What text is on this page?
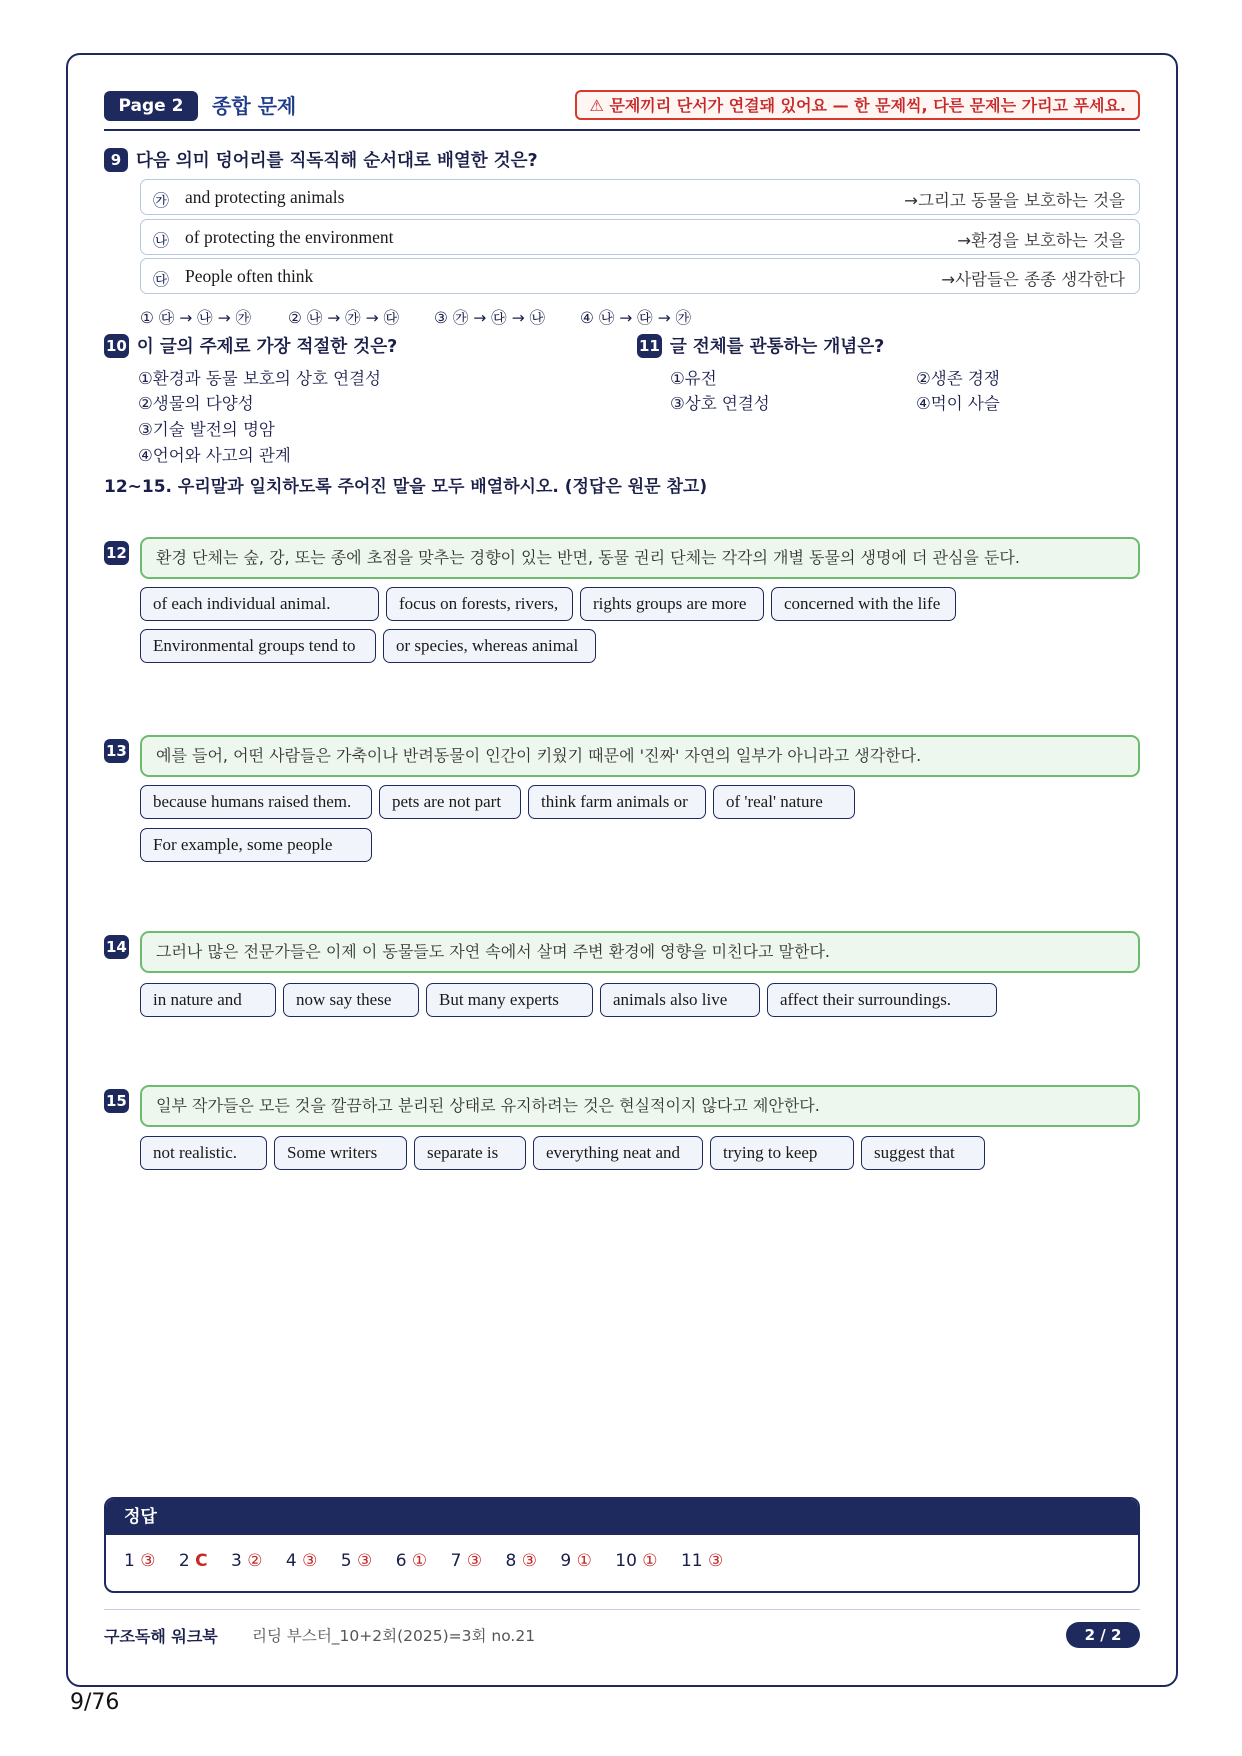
Page 2	종합 문제	⚠ 문제끼리 단서가 연결돼 있어요 — 한 문제씩, 다른 문제는 가리고 푸세요.
9 다음 의미 덩어리를 직독직해 순서대로 배열한 것은?
㉮ and protecting animals	→그리고 동물을 보호하는 것을
㉯ of protecting the environment	→환경을 보호하는 것을
㉰ People often think	→사람들은 종종 생각한다
① ㉰ → ㉯ → ㉮ ② ㉯ → ㉮ → ㉰ ③ ㉮ → ㉰ → ㉯ ④ ㉯ → ㉰ → ㉮
10 이 글의 주제로 가장 적절한 것은?
①환경과 동물 보호의 상호 연결성
②생물의 다양성
③기술 발전의 명암
④언어와 사고의 관계
11 글 전체를 관통하는 개념은?
①유전	②생존 경쟁
③상호 연결성	④먹이 사슬
12~15. 우리말과 일치하도록 주어진 말을 모두 배열하시오. (정답은 원문 참고)
12	환경 단체는 숲, 강, 또는 종에 초점을 맞추는 경향이 있는 반면, 동물 권리 단체는 각각의 개별 동물의 생명에 더 관심을 둔다.
of each individual animal.	focus on forests, rivers,	rights groups are more	concerned with the life
Environmental groups tend to	or species, whereas animal
13	예를 들어, 어떤 사람들은 가축이나 반려동물이 인간이 키웠기 때문에 '진짜' 자연의 일부가 아니라고 생각한다.
because humans raised them.	pets are not part	think farm animals or	of 'real' nature
For example, some people
14	그러나 많은 전문가들은 이제 이 동물들도 자연 속에서 살며 주변 환경에 영향을 미친다고 말한다.
in nature and	now say these	But many experts	animals also live	affect their surroundings.
15	일부 작가들은 모든 것을 깔끔하고 분리된 상태로 유지하려는 것은 현실적이지 않다고 제안한다.
not realistic.	Some writers	separate is	everything neat and	trying to keep	suggest that
정답
1 ③ 2 C 3 ② 4 ③ 5 ③ 6 ① 7 ③ 8 ③ 9 ① 10 ① 11 ③
구조독해 워크북 리딩 부스터_10+2회(2025)=3회 no.21	2 / 2
9/76
